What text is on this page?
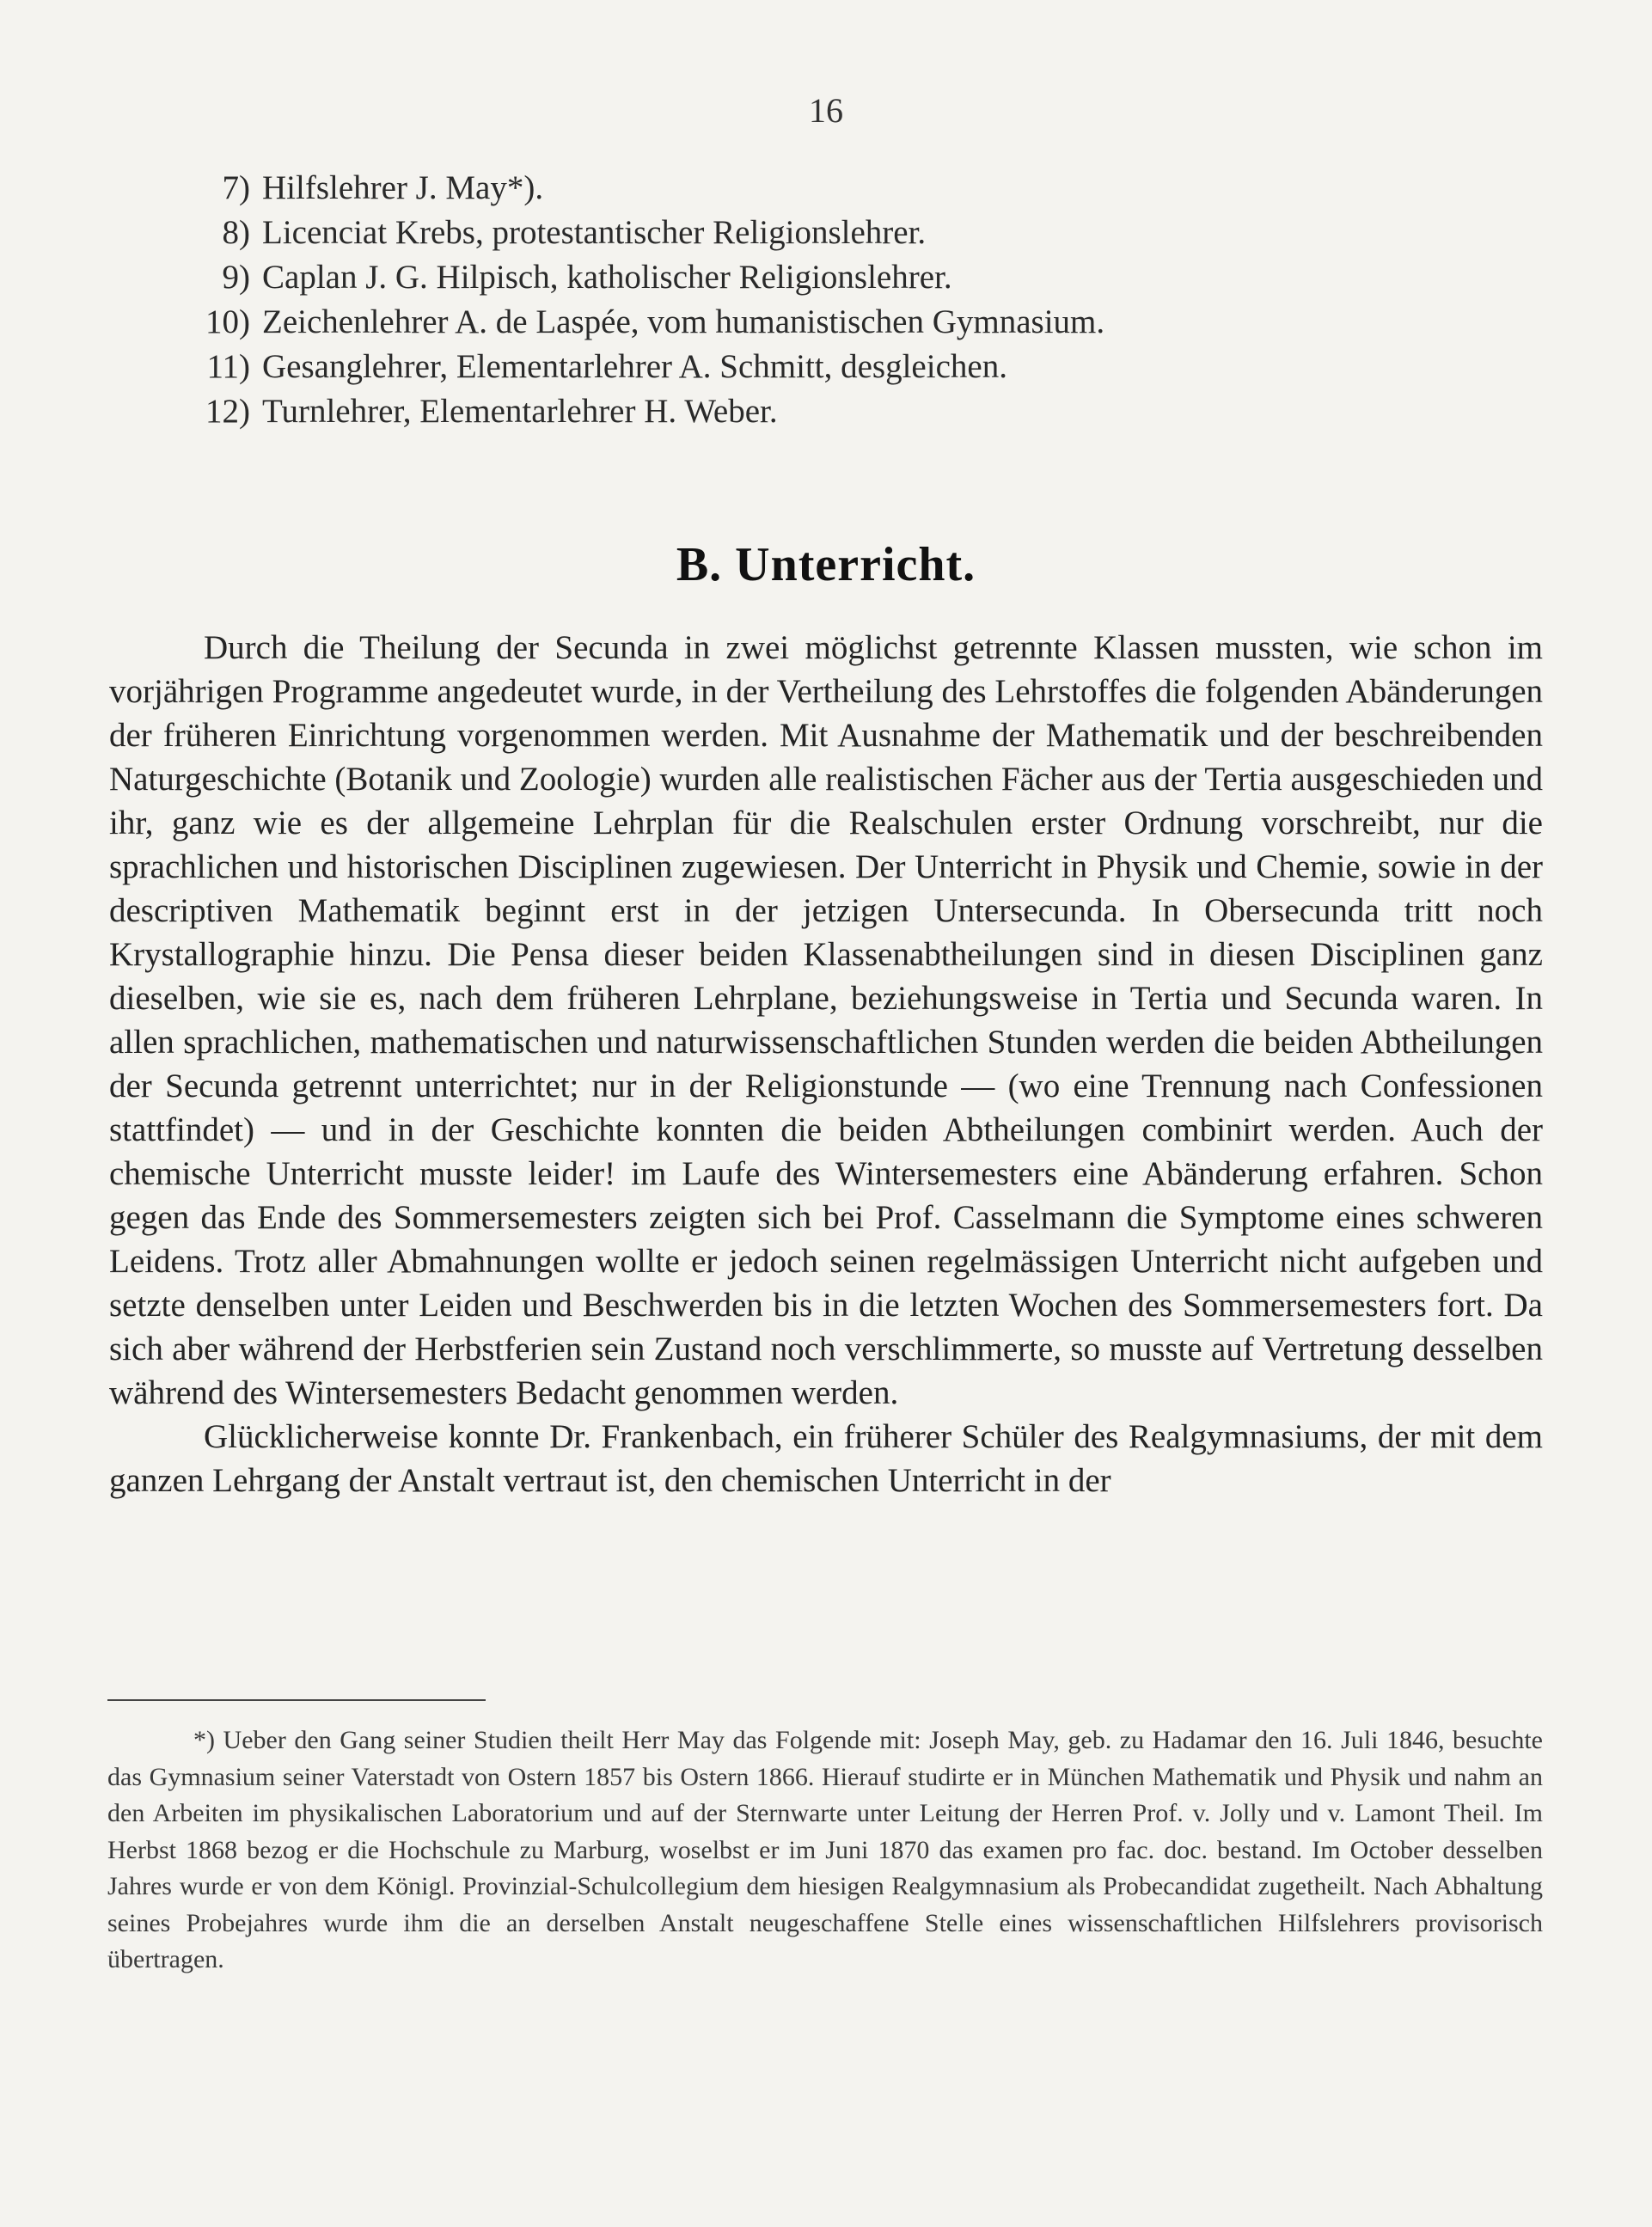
16
7) Hilfslehrer J. May*).
8) Licenciat Krebs, protestantischer Religionslehrer.
9) Caplan J. G. Hilpisch, katholischer Religionslehrer.
10) Zeichenlehrer A. de Laspée, vom humanistischen Gymnasium.
11) Gesanglehrer, Elementarlehrer A. Schmitt, desgleichen.
12) Turnlehrer, Elementarlehrer H. Weber.
B. Unterricht.

Durch die Theilung der Secunda in zwei möglichst getrennte Klassen mussten, wie schon im vorjährigen Programme angedeutet wurde, in der Vertheilung des Lehrstoffes die folgenden Abänderungen der früheren Einrichtung vorgenommen werden. Mit Ausnahme der Mathematik und der beschreibenden Naturgeschichte (Botanik und Zoologie) wurden alle realistischen Fächer aus der Tertia ausgeschieden und ihr, ganz wie es der allgemeine Lehrplan für die Realschulen erster Ordnung vorschreibt, nur die sprachlichen und historischen Disciplinen zugewiesen. Der Unterricht in Physik und Chemie, sowie in der descriptiven Mathematik beginnt erst in der jetzigen Untersecunda. In Obersecunda tritt noch Krystallographie hinzu. Die Pensa dieser beiden Klassenabtheilungen sind in diesen Disciplinen ganz dieselben, wie sie es, nach dem früheren Lehrplane, beziehungsweise in Tertia und Secunda waren. In allen sprachlichen, mathematischen und naturwissenschaftlichen Stunden werden die beiden Abtheilungen der Secunda getrennt unterrichtet; nur in der Religionstunde — (wo eine Trennung nach Confessionen stattfindet) — und in der Geschichte konnten die beiden Abtheilungen combinirt werden. Auch der chemische Unterricht musste leider! im Laufe des Wintersemesters eine Abänderung erfahren. Schon gegen das Ende des Sommersemesters zeigten sich bei Prof. Casselmann die Symptome eines schweren Leidens. Trotz aller Abmahnungen wollte er jedoch seinen regelmässigen Unterricht nicht aufgeben und setzte denselben unter Leiden und Beschwerden bis in die letzten Wochen des Sommersemesters fort. Da sich aber während der Herbstferien sein Zustand noch verschlimmerte, so musste auf Vertretung desselben während des Wintersemesters Bedacht genommen werden.

Glücklicherweise konnte Dr. Frankenbach, ein früherer Schüler des Realgymnasiums, der mit dem ganzen Lehrgang der Anstalt vertraut ist, den chemischen Unterricht in der

*) Ueber den Gang seiner Studien theilt Herr May das Folgende mit: Joseph May, geb. zu Hadamar den 16. Juli 1846, besuchte das Gymnasium seiner Vaterstadt von Ostern 1857 bis Ostern 1866. Hierauf studirte er in München Mathematik und Physik und nahm an den Arbeiten im physikalischen Laboratorium und auf der Sternwarte unter Leitung der Herren Prof. v. Jolly und v. Lamont Theil. Im Herbst 1868 bezog er die Hochschule zu Marburg, woselbst er im Juni 1870 das examen pro fac. doc. bestand. Im October desselben Jahres wurde er von dem Königl. Provinzial-Schulcollegium dem hiesigen Realgymnasium als Probecandidat zugetheilt. Nach Abhaltung seines Probejahres wurde ihm die an derselben Anstalt neugeschaffene Stelle eines wissenschaftlichen Hilfslehrers provisorisch übertragen.
